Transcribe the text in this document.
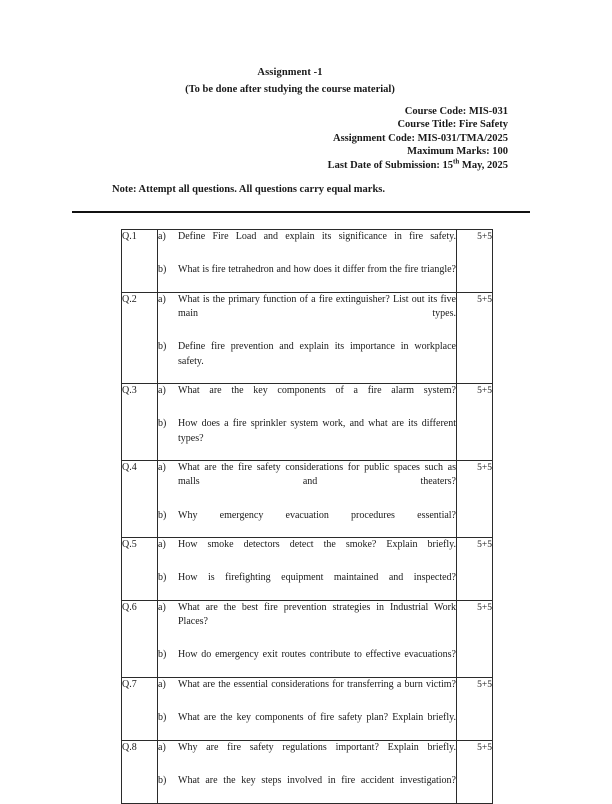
Assignment -1
(To be done after studying the course material)
Course Code: MIS-031
Course Title: Fire Safety
Assignment Code: MIS-031/TMA/2025
Maximum Marks: 100
Last Date of Submission: 15th May, 2025
Note: Attempt all questions. All questions carry equal marks.
Q.1	a) Define Fire Load and explain its significance in fire safety.
b) What is fire tetrahedron and how does it differ from the fire triangle?	5+5
Q.2	a) What is the primary function of a fire extinguisher? List out its five main types.
b) Define fire prevention and explain its importance in workplace safety.	5+5
Q.3	a) What are the key components of a fire alarm system?
b) How does a fire sprinkler system work, and what are its different types?	5+5
Q.4	a) What are the fire safety considerations for public spaces such as malls and theaters?
b) Why emergency evacuation procedures essential?	5+5
Q.5	a) How smoke detectors detect the smoke? Explain briefly.
b) How is firefighting equipment maintained and inspected?	5+5
Q.6	a) What are the best fire prevention strategies in Industrial Work Places?
b) How do emergency exit routes contribute to effective evacuations?	5+5
Q.7	a) What are the essential considerations for transferring a burn victim?
b) What are the key components of fire safety plan? Explain briefly.	5+5
Q.8	a) Why are fire safety regulations important? Explain briefly.
b) What are the key steps involved in fire accident investigation?	5+5
